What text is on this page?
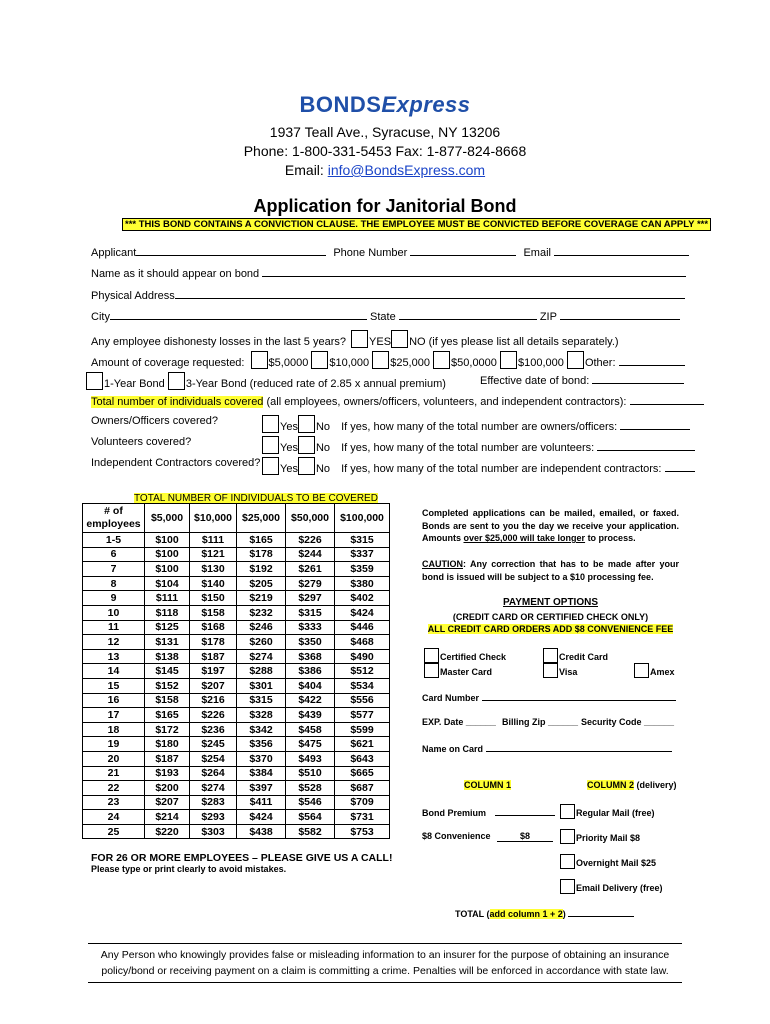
BONDSExpress
1937 Teall Ave., Syracuse, NY 13206
Phone: 1-800-331-5453 Fax: 1-877-824-8668
Email: info@BondsExpress.com
Application for Janitorial Bond
*** THIS BOND CONTAINS A CONVICTION CLAUSE. THE EMPLOYEE MUST BE CONVICTED BEFORE COVERAGE CAN APPLY ***
Applicant	Phone Number	Email
Name as it should appear on bond
Physical Address
City	State	ZIP
Any employee dishonesty losses in the last 5 years? YES NO (if yes please list all details separately.)
Amount of coverage requested: $5,0000 $10,000 $25,000 $50,0000 $100,000 Other:
1-Year Bond 3-Year Bond (reduced rate of 2.85 x annual premium)	Effective date of bond:
Total number of individuals covered (all employees, owners/officers, volunteers, and independent contractors):
Owners/Officers covered?	Yes No If yes, how many of the total number are owners/officers:
Volunteers covered?	Yes No If yes, how many of the total number are volunteers:
Independent Contractors covered?	Yes No If yes, how many of the total number are independent contractors:
TOTAL NUMBER OF INDIVIDUALS TO BE COVERED
# of
employees	$5,000	$10,000	$25,000	$50,000	$100,000
1-5	$100	$111	$165	$226	$315
6	$100	$121	$178	$244	$337
7	$100	$130	$192	$261	$359
8	$104	$140	$205	$279	$380
9	$111	$150	$219	$297	$402
10	$118	$158	$232	$315	$424
11	$125	$168	$246	$333	$446
12	$131	$178	$260	$350	$468
13	$138	$187	$274	$368	$490
14	$145	$197	$288	$386	$512
15	$152	$207	$301	$404	$534
16	$158	$216	$315	$422	$556
17	$165	$226	$328	$439	$577
18	$172	$236	$342	$458	$599
19	$180	$245	$356	$475	$621
20	$187	$254	$370	$493	$643
21	$193	$264	$384	$510	$665
22	$200	$274	$397	$528	$687
23	$207	$283	$411	$546	$709
24	$214	$293	$424	$564	$731
25	$220	$303	$438	$582	$753
FOR 26 OR MORE EMPLOYEES – PLEASE GIVE US A CALL!
Please type or print clearly to avoid mistakes.
Completed applications can be mailed, emailed, or faxed. Bonds are sent to you the day we receive your application. Amounts over $25,000 will take longer to process.
CAUTION: Any correction that has to be made after your bond is issued will be subject to a $10 processing fee.
PAYMENT OPTIONS
(CREDIT CARD OR CERTIFIED CHECK ONLY)
ALL CREDIT CARD ORDERS ADD $8 CONVENIENCE FEE
Certified Check	Credit Card
Master Card	Visa	Amex
Card Number
EXP. Date ______ Billing Zip ______ Security Code ______
Name on Card
COLUMN 1	COLUMN 2 (delivery)
Bond Premium	Regular Mail (free)
$8 Convenience	$8	Priority Mail $8
Overnight Mail $25
Email Delivery (free)
TOTAL (add column 1 + 2)
Any Person who knowingly provides false or misleading information to an insurer for the purpose of obtaining an insurance
policy/bond or receiving payment on a claim is committing a crime. Penalties will be enforced in accordance with state law.
